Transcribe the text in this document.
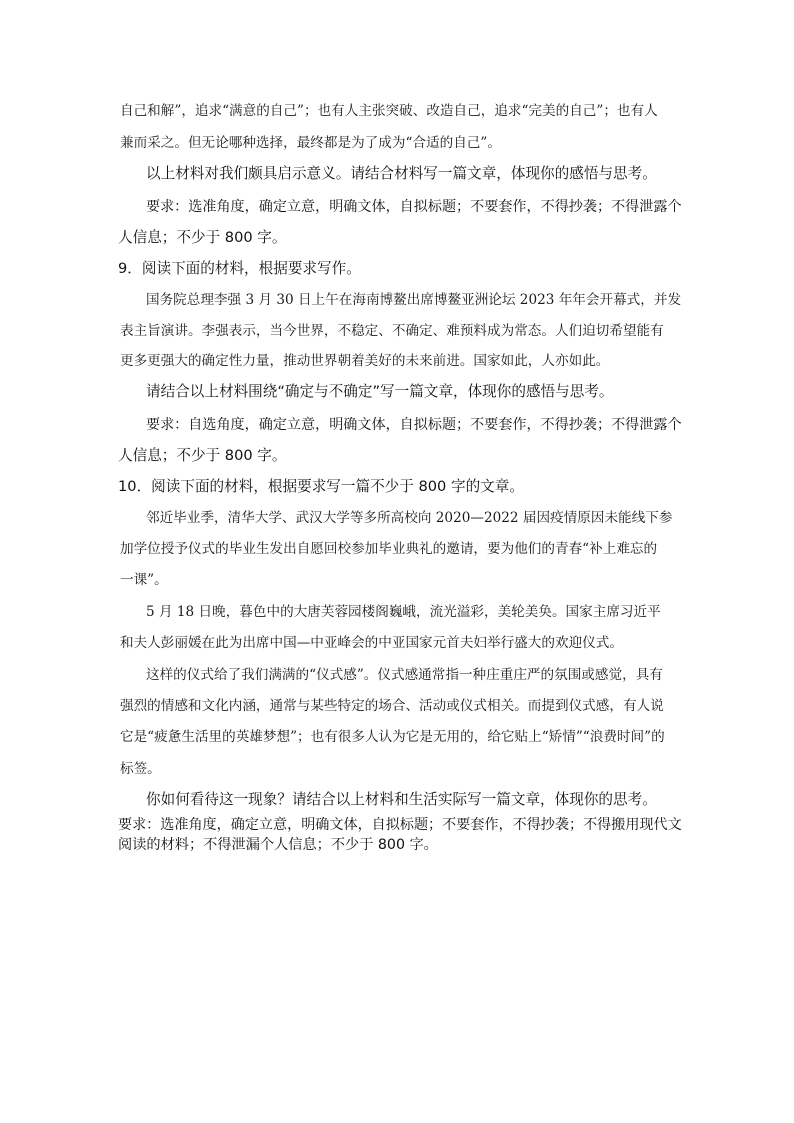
自己和解”，追求“满意的自己”；也有人主张突破、改造自己，追求“完美的自己”；也有人
兼而采之。但无论哪种选择，最终都是为了成为“合适的自己”。
以上材料对我们颇具启示意义。请结合材料写一篇文章，体现你的感悟与思考。
要求：选准角度，确定立意，明确文体，自拟标题；不要套作，不得抄袭；不得泄露个
人信息；不少于 800 字。
9．阅读下面的材料，根据要求写作。
国务院总理李强 3 月 30 日上午在海南博鳌出席博鳌亚洲论坛 2023 年年会开幕式，并发
表主旨演讲。李强表示，当今世界，不稳定、不确定、难预料成为常态。人们迫切希望能有
更多更强大的确定性力量，推动世界朝着美好的未来前进。国家如此，人亦如此。
请结合以上材料围绕“确定与不确定”写一篇文章，体现你的感悟与思考。
要求：自选角度，确定立意，明确文体，自拟标题；不要套作，不得抄袭；不得泄露个
人信息；不少于 800 字。
10．阅读下面的材料，根据要求写一篇不少于 800 字的文章。
邻近毕业季，清华大学、武汉大学等多所高校向 2020—2022 届因疫情原因未能线下参
加学位授予仪式的毕业生发出自愿回校参加毕业典礼的邀请，要为他们的青春“补上难忘的
一课”。
5 月 18 日晚，暮色中的大唐芙蓉园楼阁巍峨，流光溢彩，美轮美奂。国家主席习近平
和夫人彭丽媛在此为出席中国—中亚峰会的中亚国家元首夫妇举行盛大的欢迎仪式。
这样的仪式给了我们满满的“仪式感”。仪式感通常指一种庄重庄严的氛围或感觉，具有
强烈的情感和文化内涵，通常与某些特定的场合、活动或仪式相关。而提到仪式感，有人说
它是“疲惫生活里的英雄梦想”；也有很多人认为它是无用的，给它贴上“矫情”“浪费时间”的
标签。
你如何看待这一现象？请结合以上材料和生活实际写一篇文章，体现你的思考。
要求：选准角度，确定立意，明确文体，自拟标题；不要套作，不得抄袭；不得搬用现代文
阅读的材料；不得泄漏个人信息；不少于 800 字。
